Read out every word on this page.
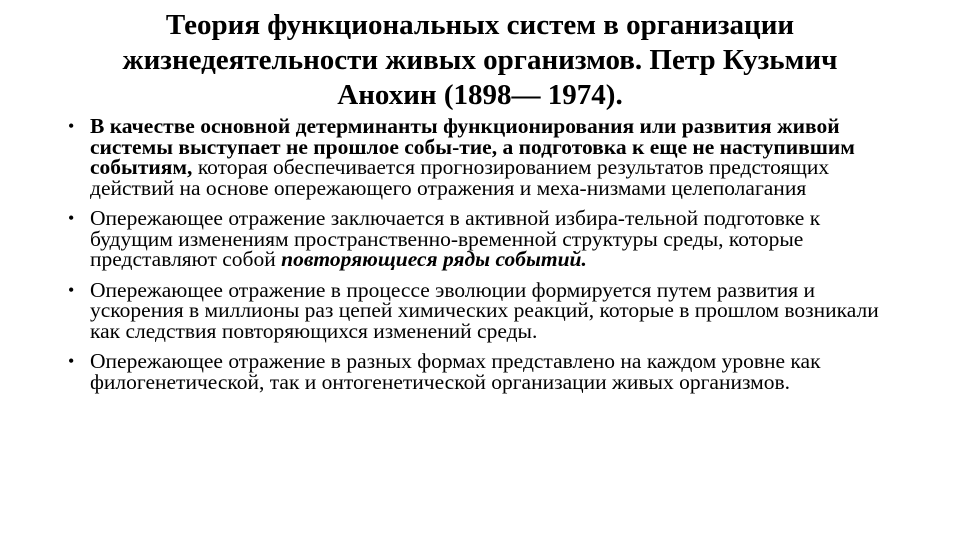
Теория функциональных систем в организации
жизнедеятельности живых организмов. Петр Кузьмич
Анохин (1898— 1974).
• В качестве основной детерминанты функционирования или развития живой системы выступает не прошлое собы-тие, а подготовка к еще не наступившим событиям, которая обеспечивается прогнозированием результатов предстоящих действий на основе опережающего отражения и меха-низмами целеполагания
• Опережающее отражение заключается в активной избира-тельной подготовке к будущим изменениям пространственно-временной структуры среды, которые представляют собой повторяющиеся ряды событий.
• Опережающее отражение в процессе эволюции формируется путем развития и ускорения в миллионы раз цепей химических реакций, которые в прошлом возникали как следствия повторяющихся изменений среды.
• Опережающее отражение в разных формах представлено на каждом уровне как филогенетической, так и онтогенетической организации живых организмов.
